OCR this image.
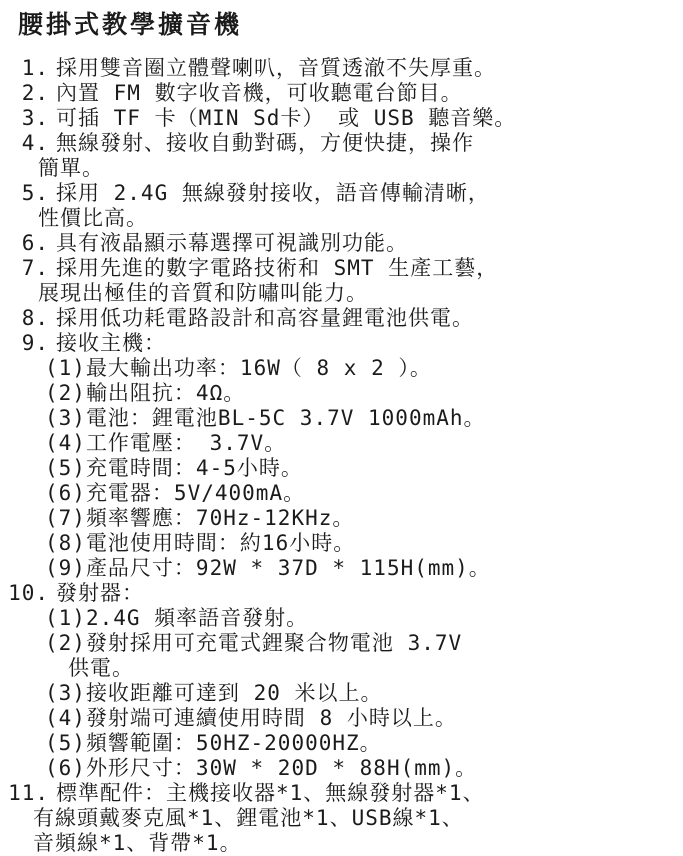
腰掛式教學擴音機
1. 採用雙音圈立體聲喇叭，音質透澈不失厚重。
2. 內置 FM 數字收音機，可收聽電台節目。
3. 可插 TF 卡（MIN Sd卡） 或 USB 聽音樂。
4. 無線發射、接收自動對碼，方便快捷，操作
簡單。
5. 採用 2.4G 無線發射接收，語音傳輸清晰，
性價比高。
6. 具有液晶顯示幕選擇可視識別功能。
7. 採用先進的數字電路技術和 SMT 生產工藝，
展現出極佳的音質和防嘯叫能力。
8. 採用低功耗電路設計和高容量鋰電池供電。
9. 接收主機：
(1)最大輸出功率：16W（ 8 x 2 ）。
(2)輸出阻抗：4Ω。
(3)電池：鋰電池BL-5C 3.7V 1000mAh。
(4)工作電壓： 3.7V。
(5)充電時間：4-5小時。
(6)充電器：5V/400mA。
(7)頻率響應：70Hz-12KHz。
(8)電池使用時間：約16小時。
(9)產品尺寸：92W * 37D * 115H(mm)。
10. 發射器：
(1)2.4G 頻率語音發射。
(2)發射採用可充電式鋰聚合物電池 3.7V
供電。
(3)接收距離可達到 20 米以上。
(4)發射端可連續使用時間 8 小時以上。
(5)頻響範圍：50HZ-20000HZ。
(6)外形尺寸：30W * 20D * 88H(mm)。
11. 標準配件：主機接收器*1、無線發射器*1、
有線頭戴麥克風*1、鋰電池*1、USB線*1、
音頻線*1、背帶*1。
